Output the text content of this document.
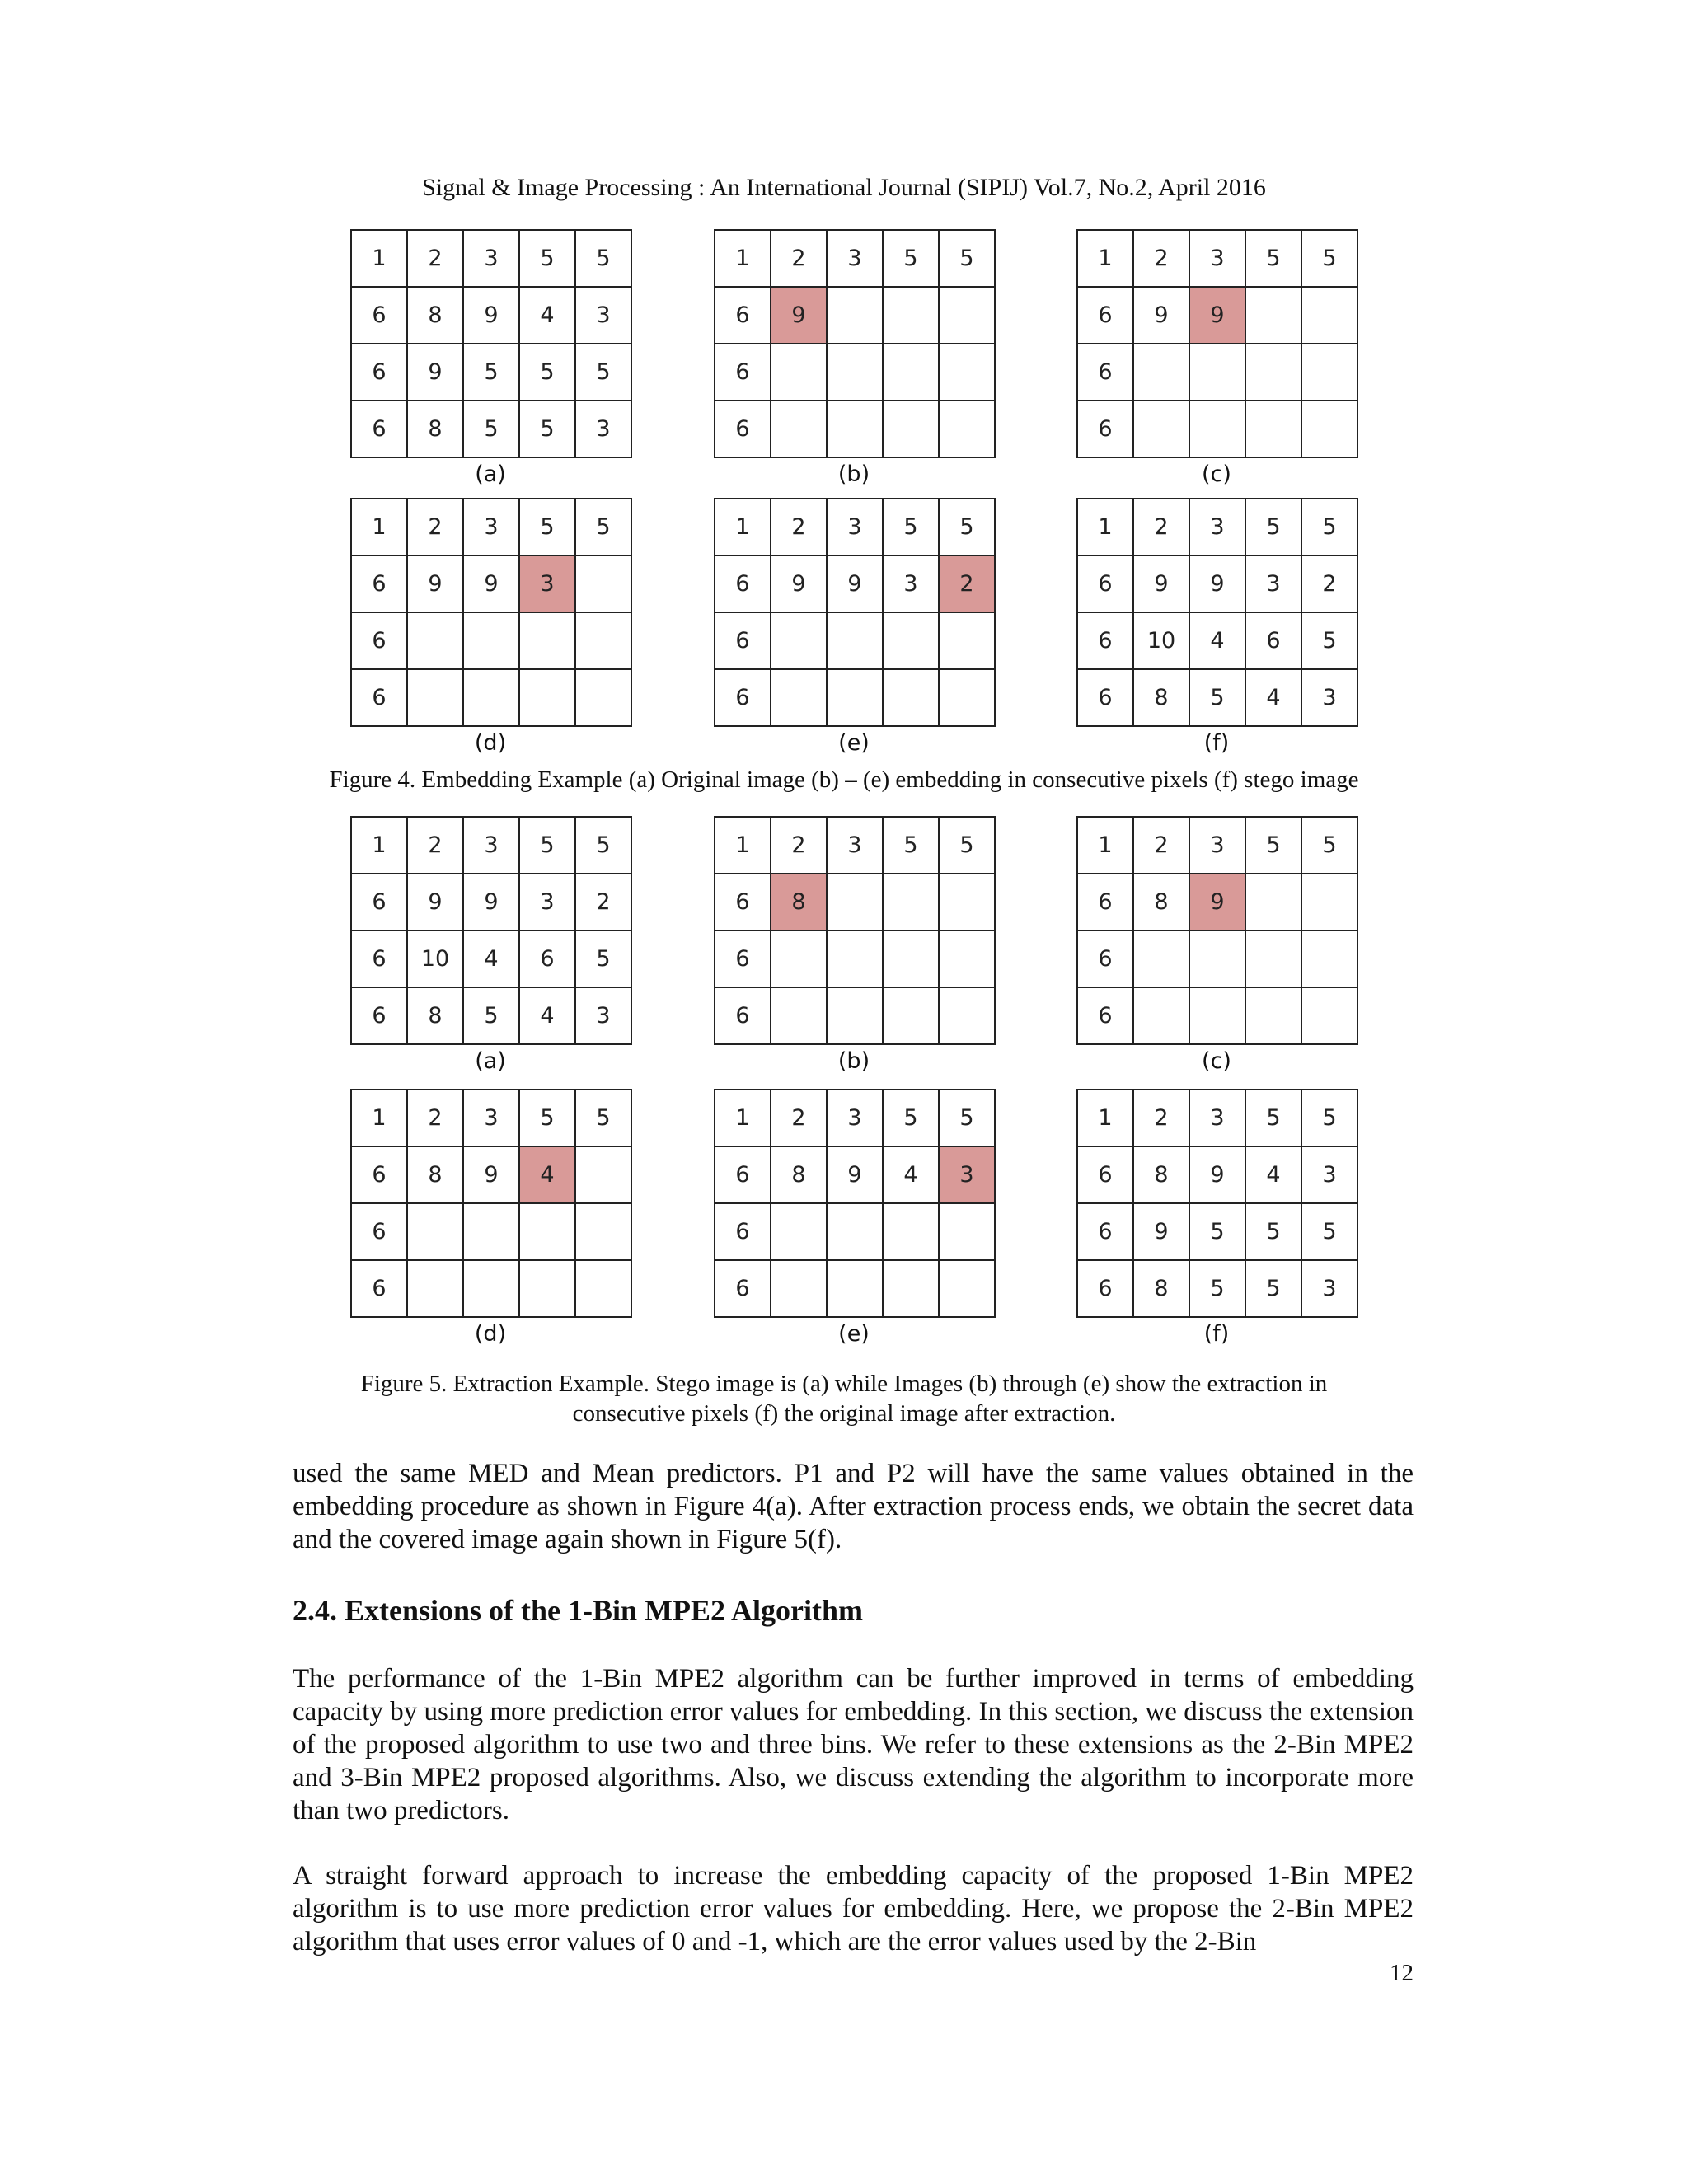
Signal & Image Processing : An International Journal (SIPIJ) Vol.7, No.2, April 2016
1	2	3	5	5
6	8	9	4	3
6	9	5	5	5
6	8	5	5	3
(a)
1	2	3	5	5
6	9
6
6
(b)
1	2	3	5	5
6	9	9
6
6
(c)
1	2	3	5	5
6	9	9	3
6
6
(d)
1	2	3	5	5
6	9	9	3	2
6
6
(e)
1	2	3	5	5
6	9	9	3	2
6	10	4	6	5
6	8	5	4	3
(f)
Figure 4. Embedding Example (a) Original image (b) – (e) embedding in consecutive pixels (f) stego image
1	2	3	5	5
6	9	9	3	2
6	10	4	6	5
6	8	5	4	3
(a)
1	2	3	5	5
6	8
6
6
(b)
1	2	3	5	5
6	8	9
6
6
(c)
1	2	3	5	5
6	8	9	4
6
6
(d)
1	2	3	5	5
6	8	9	4	3
6
6
(e)
1	2	3	5	5
6	8	9	4	3
6	9	5	5	5
6	8	5	5	3
(f)
Figure 5. Extraction Example. Stego image is (a) while Images (b) through (e) show the extraction in
consecutive pixels (f) the original image after extraction.
used the same MED and Mean predictors. P1 and P2 will have the same values obtained in the embedding procedure as shown in Figure 4(a). After extraction process ends, we obtain the secret data and the covered image again shown in Figure 5(f).
2.4. Extensions of the 1-Bin MPE2 Algorithm
The performance of the 1-Bin MPE2 algorithm can be further improved in terms of embedding capacity by using more prediction error values for embedding. In this section, we discuss the extension of the proposed algorithm to use two and three bins. We refer to these extensions as the 2-Bin MPE2 and 3-Bin MPE2 proposed algorithms. Also, we discuss extending the algorithm to incorporate more than two predictors.
A straight forward approach to increase the embedding capacity of the proposed 1-Bin MPE2 algorithm is to use more prediction error values for embedding. Here, we propose the 2-Bin MPE2 algorithm that uses error values of 0 and -1, which are the error values used by the 2-Bin
12
